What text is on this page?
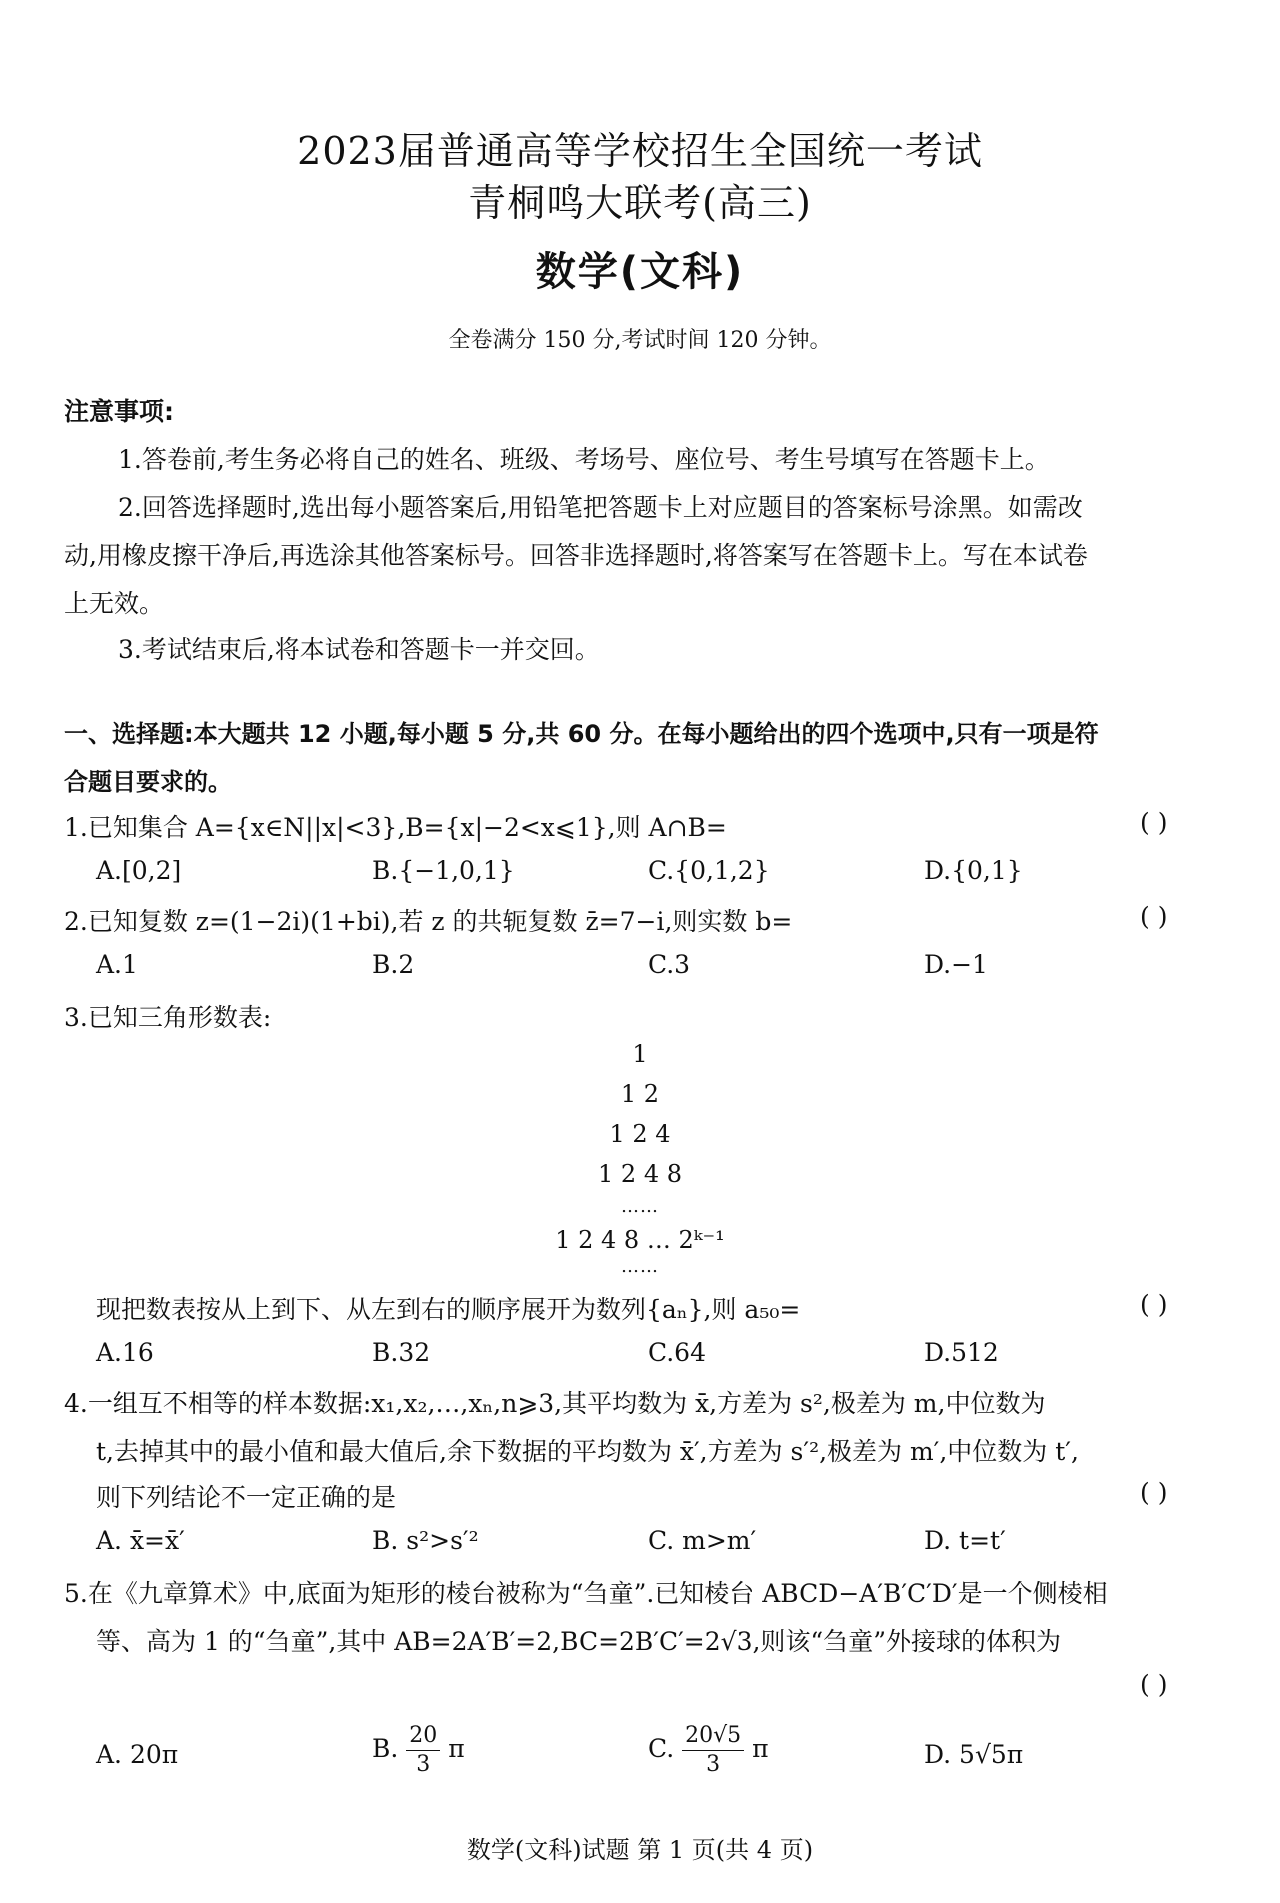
2023届普通高等学校招生全国统一考试
青桐鸣大联考(高三)
数学(文科)
全卷满分 150 分,考试时间 120 分钟。
注意事项:
1.答卷前,考生务必将自己的姓名、班级、考场号、座位号、考生号填写在答题卡上。
2.回答选择题时,选出每小题答案后,用铅笔把答题卡上对应题目的答案标号涂黑。如需改
动,用橡皮擦干净后,再选涂其他答案标号。回答非选择题时,将答案写在答题卡上。写在本试卷
上无效。
3.考试结束后,将本试卷和答题卡一并交回。
一、选择题:本大题共 12 小题,每小题 5 分,共 60 分。在每小题给出的四个选项中,只有一项是符
合题目要求的。
1.已知集合 A={x∈N||x|<3},B={x|−2<x⩽1},则 A∩B=	( )
A.[0,2]	B.{−1,0,1}	C.{0,1,2}	D.{0,1}
2.已知复数 z=(1−2i)(1+bi),若 z 的共轭复数 z̄=7−i,则实数 b=	( )
A.1	B.2	C.3	D.−1
3.已知三角形数表:
1
1 2
1 2 4
1 2 4 8
……
1 2 4 8 … 2ᵏ⁻¹
……
现把数表按从上到下、从左到右的顺序展开为数列{aₙ},则 a₅₀=	( )
A.16	B.32	C.64	D.512
4.一组互不相等的样本数据:x₁,x₂,…,xₙ,n⩾3,其平均数为 x̄,方差为 s²,极差为 m,中位数为
t,去掉其中的最小值和最大值后,余下数据的平均数为 x̄′,方差为 s′²,极差为 m′,中位数为 t′,
则下列结论不一定正确的是	( )
A. x̄=x̄′	B. s²>s′²	C. m>m′	D. t=t′
5.在《九章算术》中,底面为矩形的棱台被称为“刍童”.已知棱台 ABCD−A′B′C′D′是一个侧棱相
等、高为 1 的“刍童”,其中 AB=2A′B′=2,BC=2B′C′=2√3,则该“刍童”外接球的体积为
( )
A. 20π	B. $\frac{20}{3}$ π	C. $\frac{20√5}{3}$ π	D. 5√5π
数学(文科)试题 第 1 页(共 4 页)
